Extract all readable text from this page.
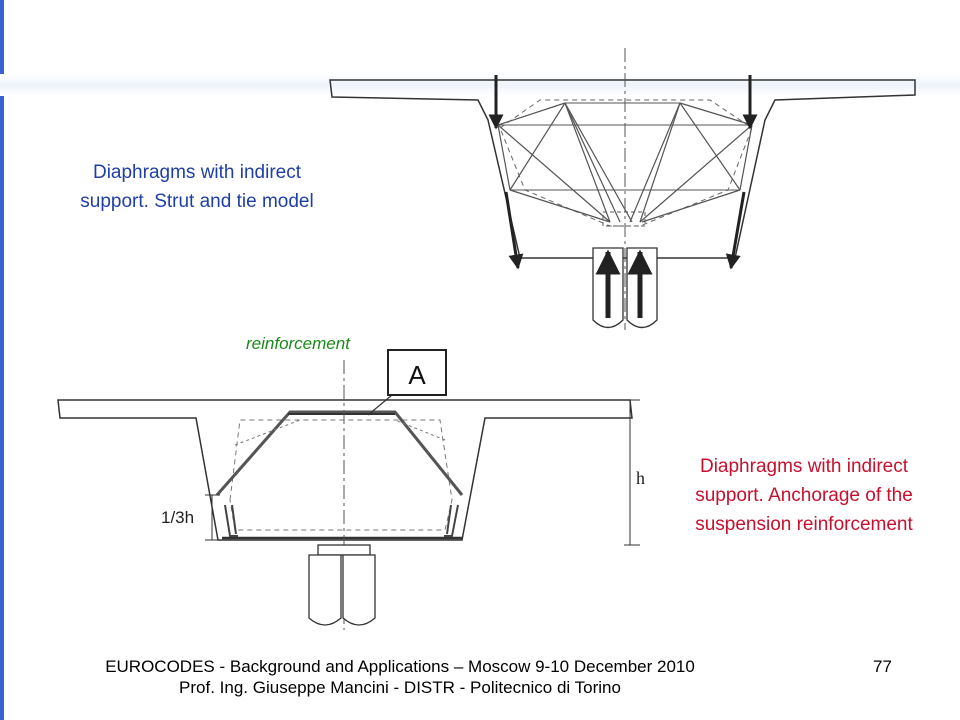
A
h
1/3h
Diaphragms with indirect
support. Strut and tie model
reinforcement
Diaphragms with indirect
support. Anchorage of the
suspension reinforcement
EUROCODES - Background and Applications – Moscow 9-10 December 2010
Prof. Ing. Giuseppe Mancini - DISTR - Politecnico di Torino
77
